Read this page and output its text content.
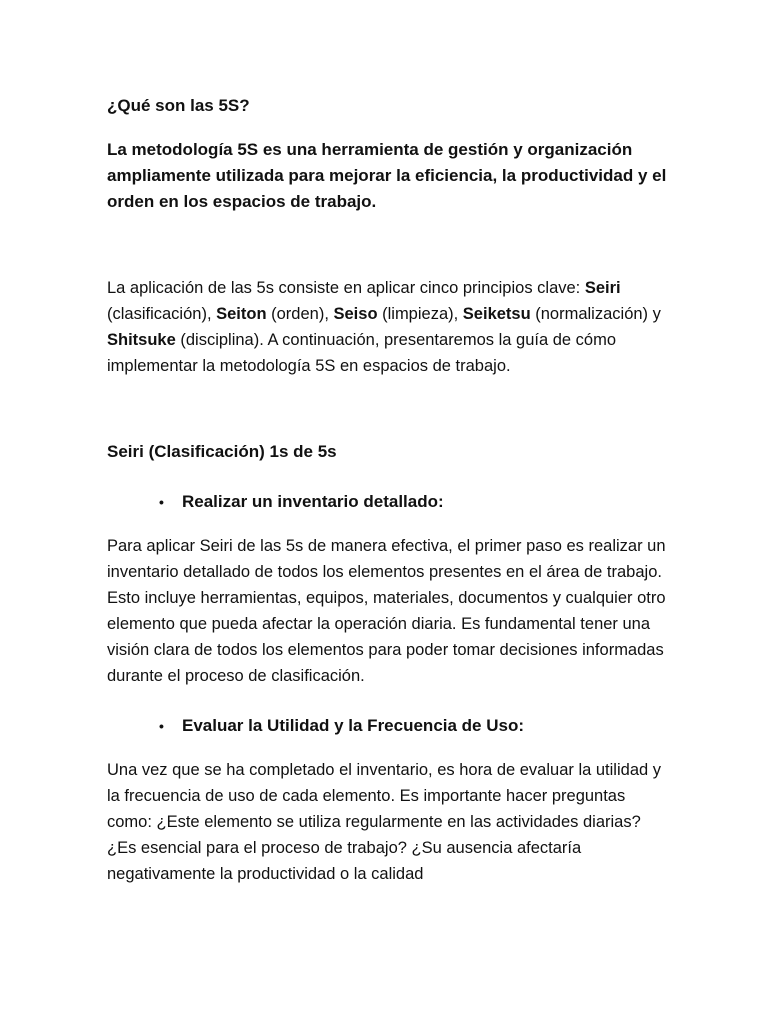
¿Qué son las 5S?

La metodología 5S es una herramienta de gestión y organización ampliamente utilizada para mejorar la eficiencia, la productividad y el orden en los espacios de trabajo.

La aplicación de las 5s consiste en aplicar cinco principios clave: Seiri (clasificación), Seiton (orden), Seiso (limpieza), Seiketsu (normalización) y Shitsuke (disciplina). A continuación, presentaremos la guía de cómo implementar la metodología 5S en espacios de trabajo.

Seiri (Clasificación) 1s de 5s

• Realizar un inventario detallado:

Para aplicar Seiri de las 5s de manera efectiva, el primer paso es realizar un inventario detallado de todos los elementos presentes en el área de trabajo. Esto incluye herramientas, equipos, materiales, documentos y cualquier otro elemento que pueda afectar la operación diaria. Es fundamental tener una visión clara de todos los elementos para poder tomar decisiones informadas durante el proceso de clasificación.

• Evaluar la Utilidad y la Frecuencia de Uso:

Una vez que se ha completado el inventario, es hora de evaluar la utilidad y la frecuencia de uso de cada elemento. Es importante hacer preguntas como: ¿Este elemento se utiliza regularmente en las actividades diarias? ¿Es esencial para el proceso de trabajo? ¿Su ausencia afectaría negativamente la productividad o la calidad
